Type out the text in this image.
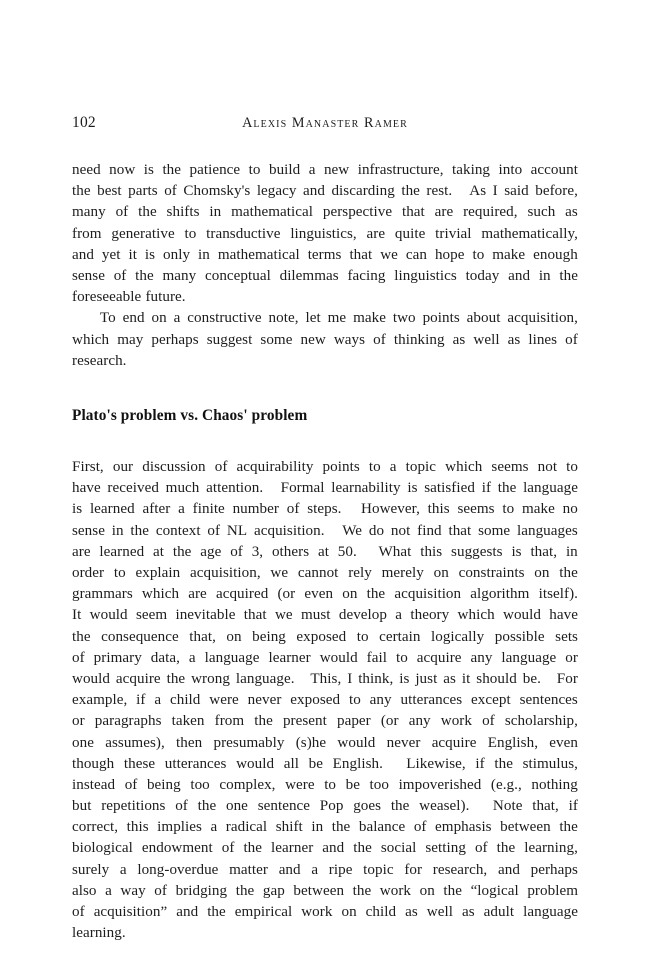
102	Alexis Manaster Ramer
need now is the patience to build a new infrastructure, taking into account
the best parts of Chomsky's legacy and discarding the rest.
As I said before,
many of the shifts in mathematical perspective that are required, such as
from generative to transductive linguistics, are quite trivial mathematically,
and yet it is only in mathematical terms that we can hope to make enough
sense of the many conceptual dilemmas facing linguistics today and in the
foreseeable future.
To end on a constructive note, let me make two points about acquisition,
which may perhaps suggest some new ways of thinking as well as lines of
research.
Plato's problem vs. Chaos' problem
First, our discussion of acquirability points to a topic which seems not to
have received much attention.
Formal learnability is satisfied if the language
is learned after a finite number of steps.
However, this seems to make no
sense in the context of NL acquisition.
We do not find that some languages
are learned at the age of 3, others at 50.
What this suggests is that, in
order to explain acquisition, we cannot rely merely on constraints on the
grammars which are acquired (or even on the acquisition algorithm itself).
It would seem inevitable that we must develop a theory which would have
the consequence that, on being exposed to certain logically possible sets
of primary data, a language learner would fail to acquire any language or
would acquire the wrong language.
This, I think, is just as it should be.
For
example, if a child were never exposed to any utterances except sentences
or paragraphs taken from the present paper (or any work of scholarship,
one assumes), then presumably (s)he would never acquire English, even
though these utterances would all be English.
Likewise, if the stimulus,
instead of being too complex, were to be too impoverished (e.g., nothing
but repetitions of the one sentence Pop goes the weasel).
Note that, if
correct, this implies a radical shift in the balance of emphasis between the
biological endowment of the learner and the social setting of the learning,
surely a long-overdue matter and a ripe topic for research, and perhaps
also a way of bridging the gap between the work on the “logical problem
of acquisition” and the empirical work on child as well as adult language
learning.
